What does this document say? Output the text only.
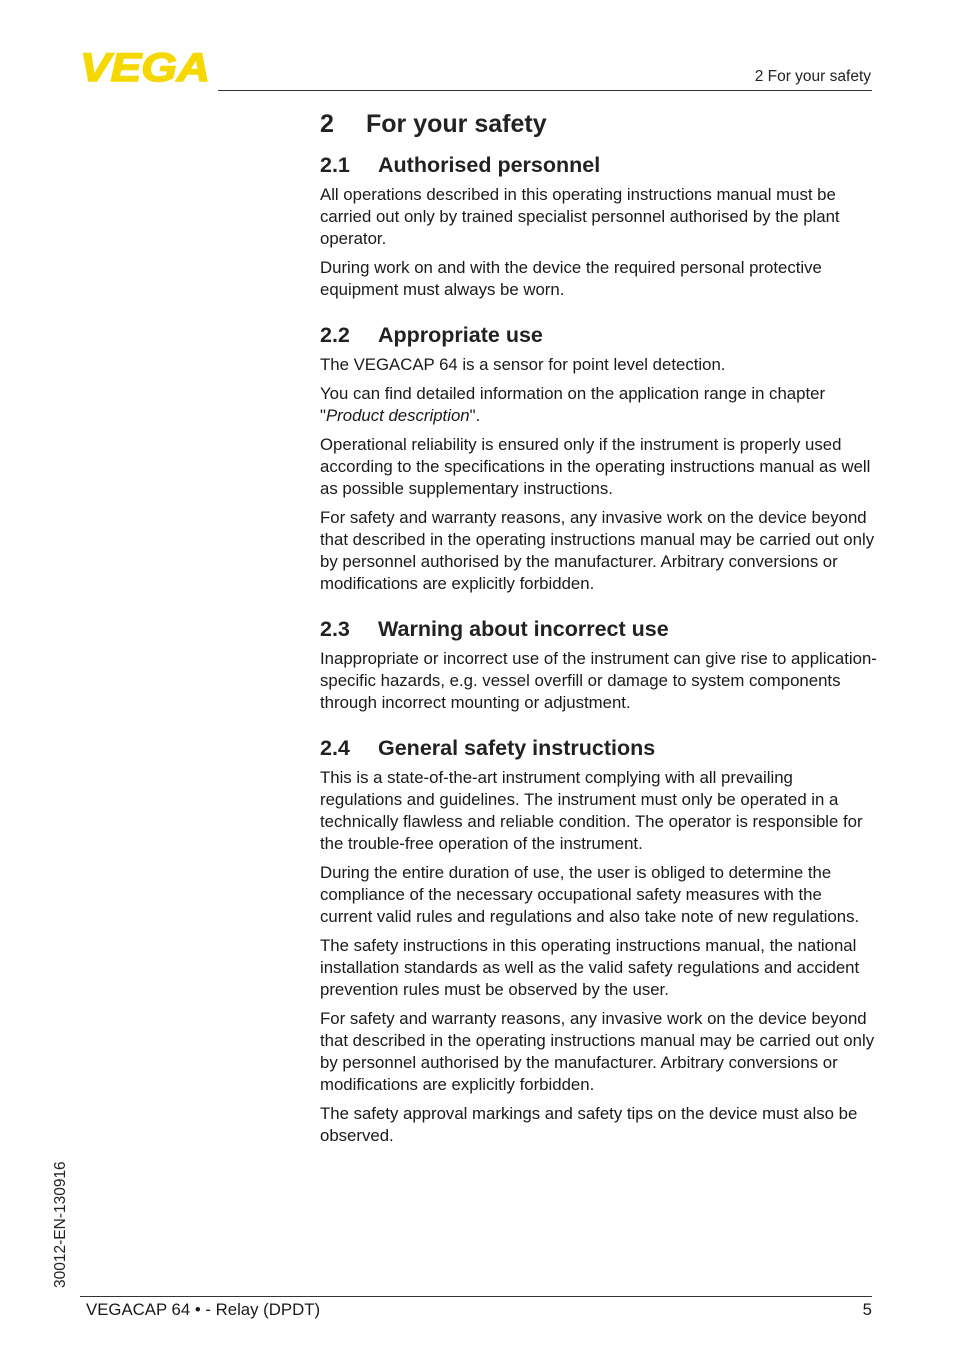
VEGA	2 For your safety
2	For your safety
2.1	Authorised personnel

All operations described in this operating instructions manual must be carried out only by trained specialist personnel authorised by the plant operator.

During work on and with the device the required personal protective equipment must always be worn.

2.2	Appropriate use

The VEGACAP 64 is a sensor for point level detection.

You can find detailed information on the application range in chapter "Product description".

Operational reliability is ensured only if the instrument is properly used according to the specifications in the operating instructions manual as well as possible supplementary instructions.

For safety and warranty reasons, any invasive work on the device beyond that described in the operating instructions manual may be carried out only by personnel authorised by the manufacturer. Arbitrary conversions or modifications are explicitly forbidden.

2.3	Warning about incorrect use

Inappropriate or incorrect use of the instrument can give rise to application-specific hazards, e.g. vessel overfill or damage to system components through incorrect mounting or adjustment.

2.4	General safety instructions

This is a state-of-the-art instrument complying with all prevailing regulations and guidelines. The instrument must only be operated in a technically flawless and reliable condition. The operator is responsible for the trouble-free operation of the instrument.

During the entire duration of use, the user is obliged to determine the compliance of the necessary occupational safety measures with the current valid rules and regulations and also take note of new regulations.

The safety instructions in this operating instructions manual, the national installation standards as well as the valid safety regulations and accident prevention rules must be observed by the user.

For safety and warranty reasons, any invasive work on the device beyond that described in the operating instructions manual may be carried out only by personnel authorised by the manufacturer. Arbitrary conversions or modifications are explicitly forbidden.

The safety approval markings and safety tips on the device must also be observed.

30012-EN-130916
VEGACAP 64 • - Relay (DPDT)	5
